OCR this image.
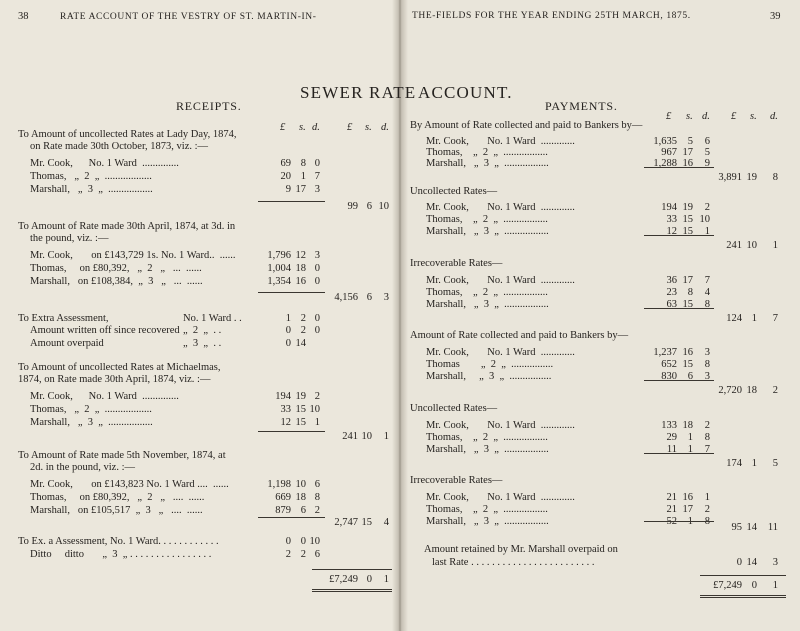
38	RATE ACCOUNT OF THE VESTRY OF ST. MARTIN-IN-
SEWER RATE
RECEIPTS.
£ s. d.	£ s. d.
To Amount of uncollected Rates at Lady Day, 1874,
on Rate made 30th October, 1873, viz. :—
Mr. Cook,      No. 1 Ward  ..............	69 8 0
Thomas,   „  2  „  ..................	20 1 7
Marshall,   „  3  „  .................	9 17 3
99 6 10
To Amount of Rate made 30th April, 1874, at 3d. in
the pound, viz. :—
Mr. Cook,       on £143,729 1s. No. 1 Ward..  ......	1,796 12 3
Thomas,     on £80,392,   „  2   „   ...  ......	1,004 18 0
Marshall,   on £108,384,  „  3   „   ...  ......	1,354 16 0
4,156 6	3
To Extra Assessment,	No. 1 Ward . .	1 2 0
Amount written off since recovered „  2  „  . .	0 2 0
Amount overpaid	„  3  „  . .	0 14
To Amount of uncollected Rates at Michaelmas,
1874, on Rate made 30th April, 1874, viz. :—
Mr. Cook,      No. 1 Ward  ..............	194 19 2
Thomas,   „  2  „  ..................	33 15 10
Marshall,   „  3  „  .................	12 15 1
241 10	1
To Amount of Rate made 5th November, 1874, at
2d. in the pound, viz. :—
Mr. Cook,       on £143,823 No. 1 Ward ....  ......	1,198 10 6
Thomas,     on £80,392,   „  2   „   ....  ......	669 18 8
Marshall,   on £105,517  „  3   „   ....  ......	879 6 2
2,747 15	4
To Ex. a Assessment, No. 1 Ward. . . . . . . . . . . .	0 0 10
Ditto     ditto       „  3  „ . . . . . . . . . . . . . . . .	2 2 6
£7,249 0	1
THE-FIELDS FOR THE YEAR ENDING 25TH MARCH, 1875.	39
ACCOUNT.
PAYMENTS.
£ s. d. £ s. d.
By Amount of Rate collected and paid to Bankers by—
Mr. Cook,       No. 1 Ward  .............	1,635	5	6
Thomas,    „  2  „  .................	967 17	5
Marshall,   „  3  „  .................	1,288 16	9
3,891 19	8
Uncollected Rates—
Mr. Cook,       No. 1 Ward  .............	194 19	2
Thomas,    „  2  „  .................	33 15 10
Marshall,   „  3  „  .................	12 15	1
241 10	1
Irrecoverable Rates—
Mr. Cook,       No. 1 Ward  .............	36 17	7
Thomas,    „  2  „  .................	23	8	4
Marshall,   „  3  „  .................	63 15	8
124 1	7
Amount of Rate collected and paid to Bankers by—
Mr. Cook,       No. 1 Ward  .............	1,237 16	3
Thomas        „  2  „  ................	652 15	8
Marshall,     „  3  „  ................	830	6	3
2,720 18	2
Uncollected Rates—
Mr. Cook,       No. 1 Ward  .............	133 18	2
Thomas,    „  2  „  .................	29	1	8
Marshall,   „  3  „  .................	11	1	7
174 1	5
Irrecoverable Rates—
Mr. Cook,       No. 1 Ward  .............	21 16	1
Thomas,    „  2  „  .................	21 17	2
Marshall,   „  3  „  .................	52	1	8
95 14	11
Amount retained by Mr. Marshall overpaid on
last Rate . . . . . . . . . . . . . . . . . . . . . . . .	0 14	3
£7,249 0	1
